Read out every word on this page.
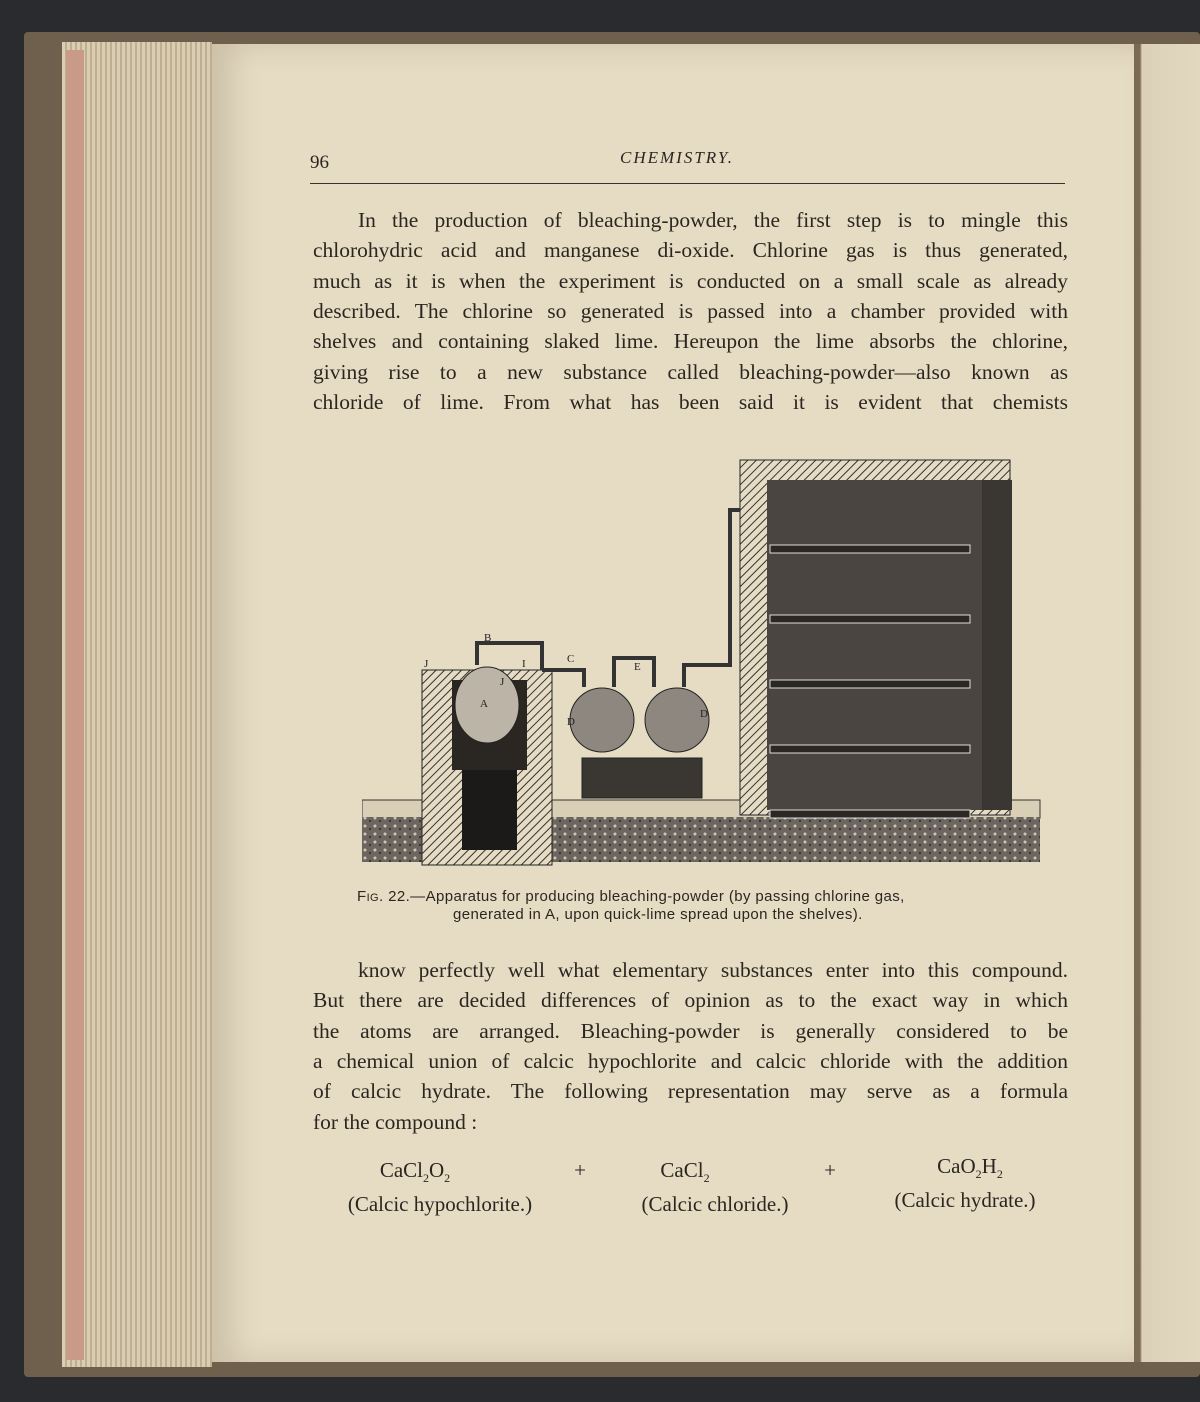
96	CHEMISTRY.
In the production of bleaching-powder, the first step is to mingle this
chlorohydric acid and manganese di-oxide. Chlorine gas is thus generated,
much as it is when the experiment is conducted on a small scale as already
described. The chlorine so generated is passed into a chamber provided with
shelves and containing slaked lime. Hereupon the lime absorbs the chlorine,
giving rise to a new substance called bleaching-powder—also known as
chloride of lime. From what has been said it is evident that chemists
B
J	I	C
A
J
E
D
D
Fig. 22.—Apparatus for producing bleaching-powder (by passing chlorine gas,
generated in A, upon quick-lime spread upon the shelves).
know perfectly well what elementary substances enter into this compound.
But there are decided differences of opinion as to the exact way in which
the atoms are arranged. Bleaching-powder is generally considered to be
a chemical union of calcic hypochlorite and calcic chloride with the addition
of calcic hydrate. The following representation may serve as a formula
for the compound :
$CaCl_2O_2$	+	CaCl$_2$	+	$CaO_2H_2$
(Calcic hypochlorite.)	(Calcic chloride.)	(Calcic hydrate.)
